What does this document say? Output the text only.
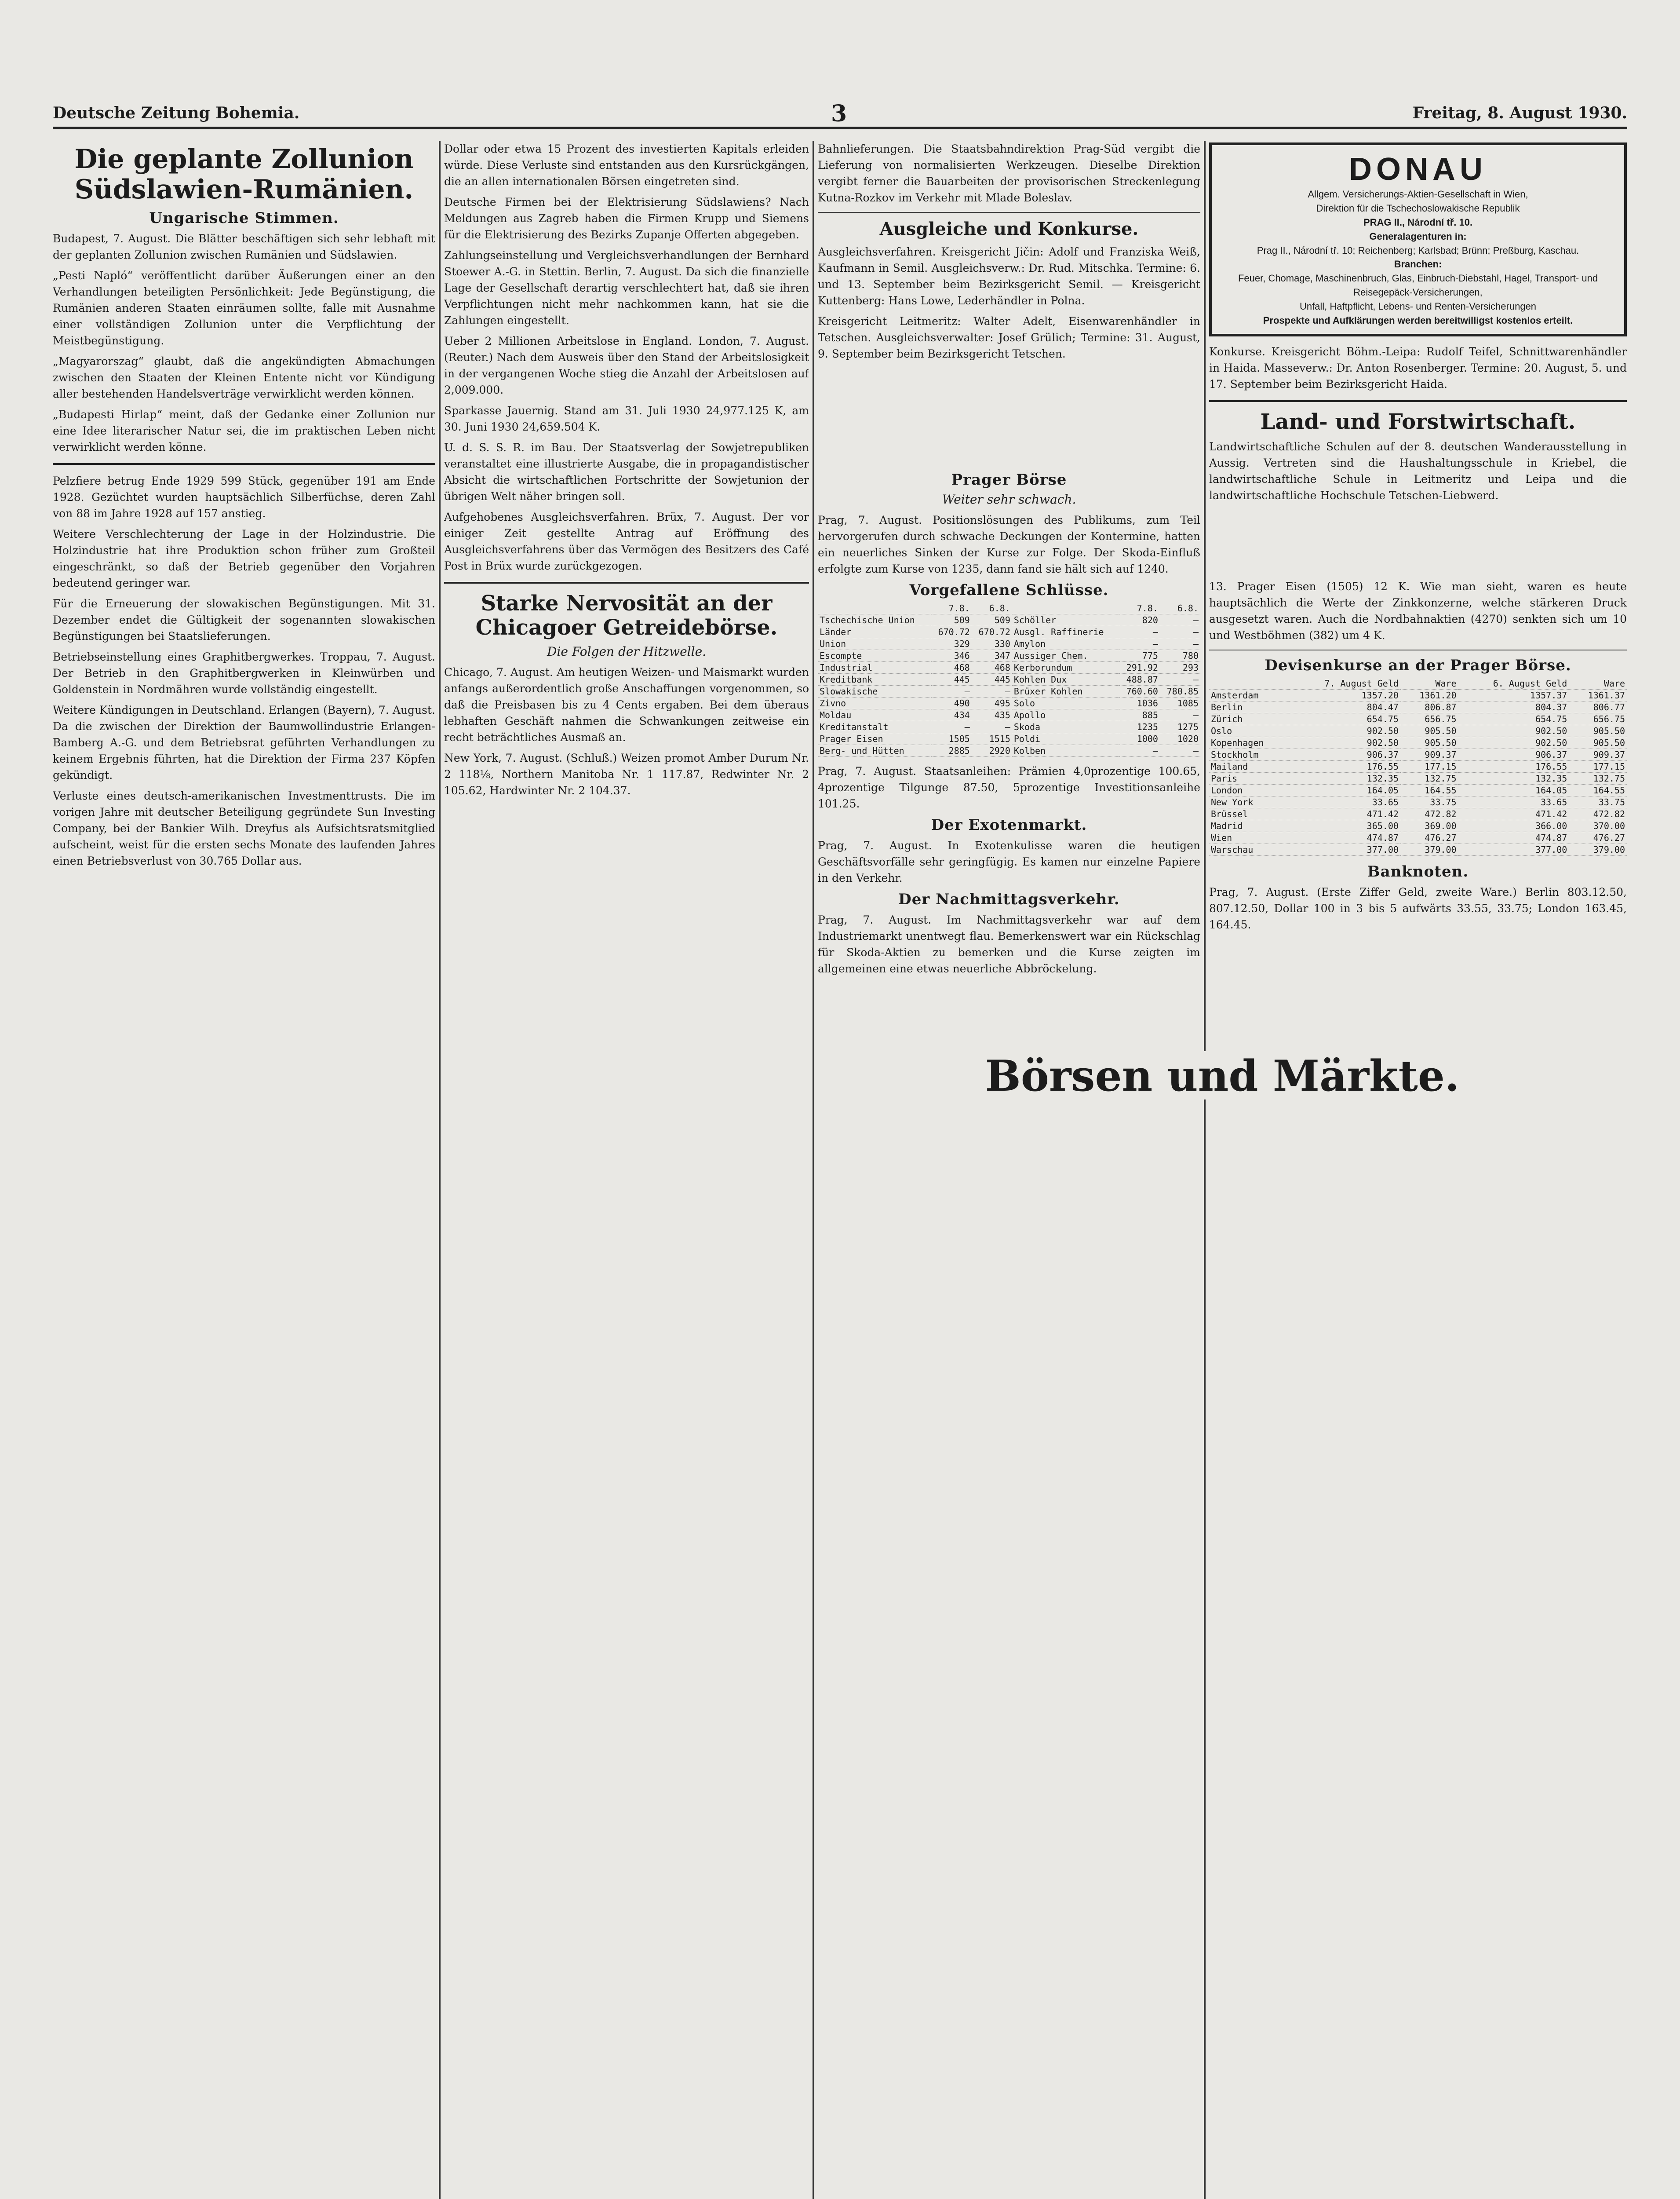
Deutsche Zeitung Bohemia.	3	Freitag, 8. August 1930.
Die geplante Zollunion Südslawien-Rumänien.
Ungarische Stimmen.

Budapest, 7. August. Die Blätter beschäftigen sich sehr lebhaft mit der geplanten Zollunion zwischen Rumänien und Südslawien.

„Pesti Napló“ veröffentlicht darüber Äußerungen einer an den Verhandlungen beteiligten Persönlichkeit: Jede Begünstigung, die Rumänien anderen Staaten einräumen sollte, falle mit Ausnahme einer vollständigen Zollunion unter die Verpflichtung der Meistbegünstigung.

„Magyarorszag“ glaubt, daß die angekündigten Abmachungen zwischen den Staaten der Kleinen Entente nicht vor Kündigung aller bestehenden Handelsverträge verwirklicht werden können.

„Budapesti Hirlap“ meint, daß der Gedanke einer Zollunion nur eine Idee literarischer Natur sei, die im praktischen Leben nicht verwirklicht werden könne.

Pelzfiere betrug Ende 1929 599 Stück, gegenüber 191 am Ende 1928. Gezüchtet wurden hauptsächlich Silberfüchse, deren Zahl von 88 im Jahre 1928 auf 157 anstieg.

Weitere Verschlechterung der Lage in der Holzindustrie. Die Holzindustrie hat ihre Produktion schon früher zum Großteil eingeschränkt, so daß der Betrieb gegenüber den Vorjahren bedeutend geringer war.

Für die Erneuerung der slowakischen Begünstigungen. Mit 31. Dezember endet die Gültigkeit der sogenannten slowakischen Begünstigungen bei Staatslieferungen.

Betriebseinstellung eines Graphitbergwerkes. Troppau, 7. August. Der Betrieb in den Graphitbergwerken in Kleinwürben und Goldenstein in Nordmähren wurde vollständig eingestellt.

Weitere Kündigungen in Deutschland. Erlangen (Bayern), 7. August. Da die zwischen der Direktion der Baumwollindustrie Erlangen-Bamberg A.-G. und dem Betriebsrat geführten Verhandlungen zu keinem Ergebnis führten, hat die Direktion der Firma 237 Köpfen gekündigt.

Verluste eines deutsch-amerikanischen Investmenttrusts. Die im vorigen Jahre mit deutscher Beteiligung gegründete Sun Investing Company, bei der Bankier Wilh. Dreyfus als Aufsichtsratsmitglied aufscheint, weist für die ersten sechs Monate des laufenden Jahres einen Betriebsverlust von 30.765 Dollar aus.

Dollar oder etwa 15 Prozent des investierten Kapitals erleiden würde. Diese Verluste sind entstanden aus den Kursrückgängen, die an allen internationalen Börsen eingetreten sind.

Deutsche Firmen bei der Elektrisierung Südslawiens? Nach Meldungen aus Zagreb haben die Firmen Krupp und Siemens für die Elektrisierung des Bezirks Zupanje Offerten abgegeben.

Zahlungseinstellung und Vergleichsverhandlungen der Bernhard Stoewer A.-G. in Stettin. Berlin, 7. August. Da sich die finanzielle Lage der Gesellschaft derartig verschlechtert hat, daß sie ihren Verpflichtungen nicht mehr nachkommen kann, hat sie die Zahlungen eingestellt.

Ueber 2 Millionen Arbeitslose in England. London, 7. August. (Reuter.) Nach dem Ausweis über den Stand der Arbeitslosigkeit in der vergangenen Woche stieg die Anzahl der Arbeitslosen auf 2,009.000.

Sparkasse Jauernig. Stand am 31. Juli 1930 24,977.125 K, am 30. Juni 1930 24,659.504 K.

U. d. S. S. R. im Bau. Der Staatsverlag der Sowjetrepubliken veranstaltet eine illustrierte Ausgabe, die in propagandistischer Absicht die wirtschaftlichen Fortschritte der Sowjetunion der übrigen Welt näher bringen soll.

Aufgehobenes Ausgleichsverfahren. Brüx, 7. August. Der vor einiger Zeit gestellte Antrag auf Eröffnung des Ausgleichsverfahrens über das Vermögen des Besitzers des Café Post in Brüx wurde zurückgezogen.

Starke Nervosität an der Chicagoer Getreidebörse.
Die Folgen der Hitzwelle.

Chicago, 7. August. Am heutigen Weizen- und Maismarkt wurden anfangs außerordentlich große Anschaffungen vorgenommen, so daß die Preisbasen bis zu 4 Cents ergaben. Bei dem überaus lebhaften Geschäft nahmen die Schwankungen zeitweise ein recht beträchtliches Ausmaß an.

New York, 7. August. (Schluß.) Weizen promot Amber Durum Nr. 2 118⅛, Northern Manitoba Nr. 1 117.87, Redwinter Nr. 2 105.62, Hardwinter Nr. 2 104.37.

Bahnlieferungen. Die Staatsbahndirektion Prag-Süd vergibt die Lieferung von normalisierten Werkzeugen. Dieselbe Direktion vergibt ferner die Bauarbeiten der provisorischen Streckenlegung Kutna-Rozkov im Verkehr mit Mlade Boleslav.

Ausgleiche und Konkurse.

Ausgleichsverfahren. Kreisgericht Jičin: Adolf und Franziska Weiß, Kaufmann in Semil. Ausgleichsverw.: Dr. Rud. Mitschka. Termine: 6. und 13. September beim Bezirksgericht Semil. — Kreisgericht Kuttenberg: Hans Lowe, Lederhändler in Polna.

Kreisgericht Leitmeritz: Walter Adelt, Eisenwarenhändler in Tetschen. Ausgleichsverwalter: Josef Grülich; Termine: 31. August, 9. September beim Bezirksgericht Tetschen.

Prager Börse
Weiter sehr schwach.

Prag, 7. August. Positionslösungen des Publikums, zum Teil hervorgerufen durch schwache Deckungen der Kontermine, hatten ein neuerliches Sinken der Kurse zur Folge. Der Skoda-Einfluß erfolgte zum Kurse von 1235, dann fand sie hält sich auf 1240.

Vorgefallene Schlüsse.
	7.8.	6.8.		7.8.	6.8.
Tschechische Union	509	509	Schöller	820	—
Länder	670.72	670.72	Ausgl. Raffinerie	—	—
Union	329	330	Amylon	—	—
Escompte	346	347	Aussiger Chem.	775	780
Industrial	468	468	Kerborundum	291.92	293
Kreditbank	445	445	Kohlen Dux	488.87	—
Slowakische	—	—	Brüxer Kohlen	760.60	780.85
Zivno	490	495	Solo	1036	1085
Moldau	434	435	Apollo	885	—
Kreditanstalt	—	—	Skoda	1235	1275
Prager Eisen	1505	1515	Poldi	1000	1020
Berg- und Hütten	2885	2920	Kolben	—	—

Prag, 7. August. Staatsanleihen: Prämien 4,0prozentige 100.65, 4prozentige Tilgunge 87.50, 5prozentige Investitionsanleihe 101.25.

Der Exotenmarkt.

Prag, 7. August. In Exotenkulisse waren die heutigen Geschäftsvorfälle sehr geringfügig. Es kamen nur einzelne Papiere in den Verkehr.

Der Nachmittagsverkehr.

Prag, 7. August. Im Nachmittagsverkehr war auf dem Industriemarkt unentwegt flau. Bemerkenswert war ein Rückschlag für Skoda-Aktien zu bemerken und die Kurse zeigten im allgemeinen eine etwas neuerliche Abbröckelung.

DONAU
Allgem. Versicherungs-Aktien-Gesellschaft in Wien,
Direktion für die Tschechoslowakische Republik
PRAG II., Národní tř. 10.
Generalagenturen in:
Prag II., Národní tř. 10; Reichenberg; Karlsbad; Brünn; Preßburg, Kaschau.
Branchen:
Feuer, Chomage, Maschinenbruch, Glas, Einbruch-Diebstahl, Hagel, Transport- und Reisegepäck-Versicherungen,
Unfall, Haftpflicht, Lebens- und Renten-Versicherungen
Prospekte und Aufklärungen werden bereitwilligst kostenlos erteilt.

Konkurse. Kreisgericht Böhm.-Leipa: Rudolf Teifel, Schnittwarenhändler in Haida. Masseverw.: Dr. Anton Rosenberger. Termine: 20. August, 5. und 17. September beim Bezirksgericht Haida.

Land- und Forstwirtschaft.

Landwirtschaftliche Schulen auf der 8. deutschen Wanderausstellung in Aussig. Vertreten sind die Haushaltungsschule in Kriebel, die landwirtschaftliche Schule in Leitmeritz und Leipa und die landwirtschaftliche Hochschule Tetschen-Liebwerd.

13. Prager Eisen (1505) 12 K. Wie man sieht, waren es heute hauptsächlich die Werte der Zinkkonzerne, welche stärkeren Druck ausgesetzt waren. Auch die Nordbahnaktien (4270) senkten sich um 10 und Westböhmen (382) um 4 K.

Devisenkurse an der Prager Börse.
	7. August Geld	Ware	6. August Geld	Ware
Amsterdam	1357.20	1361.20	1357.37	1361.37
Berlin	804.47	806.87	804.37	806.77
Zürich	654.75	656.75	654.75	656.75
Oslo	902.50	905.50	902.50	905.50
Kopenhagen	902.50	905.50	902.50	905.50
Stockholm	906.37	909.37	906.37	909.37
Mailand	176.55	177.15	176.55	177.15
Paris	132.35	132.75	132.35	132.75
London	164.05	164.55	164.05	164.55
New York	33.65	33.75	33.65	33.75
Brüssel	471.42	472.82	471.42	472.82
Madrid	365.00	369.00	366.00	370.00
Wien	474.87	476.27	474.87	476.27
Warschau	377.00	379.00	377.00	379.00
Banknoten.

Prag, 7. August. (Erste Ziffer Geld, zweite Ware.) Berlin 803.12.50, 807.12.50, Dollar 100 in 3 bis 5 aufwärts 33.55, 33.75; London 163.45, 164.45.

Börsen und Märkte.
